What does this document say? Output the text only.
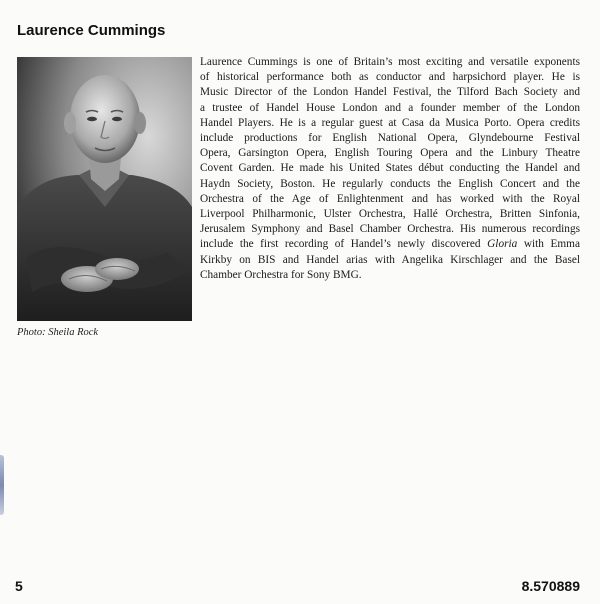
Laurence Cummings
Photo: Sheila Rock

Laurence Cummings is one of Britain’s most exciting and versatile exponents
of historical performance both as conductor and harpsichord player. He is
Music Director of the London Handel Festival, the Tilford Bach Society and
a trustee of Handel House London and a founder member of the London
Handel Players. He is a regular guest at Casa da Musica Porto. Opera credits
include productions for English National Opera, Glyndebourne Festival
Opera, Garsington Opera, English Touring Opera and the Linbury Theatre
Covent Garden. He made his United States début conducting the Handel and
Haydn Society, Boston. He regularly conducts the English Concert and the
Orchestra of the Age of Enlightenment and has worked with the Royal
Liverpool Philharmonic, Ulster Orchestra, Hallé Orchestra, Britten Sinfonia,
Jerusalem Symphony and Basel Chamber Orchestra. His numerous recordings
include the first recording of Handel’s newly discovered Gloria with Emma
Kirkby on BIS and Handel arias with Angelika Kirschlager and the Basel
Chamber Orchestra for Sony BMG.

5	8.570889
